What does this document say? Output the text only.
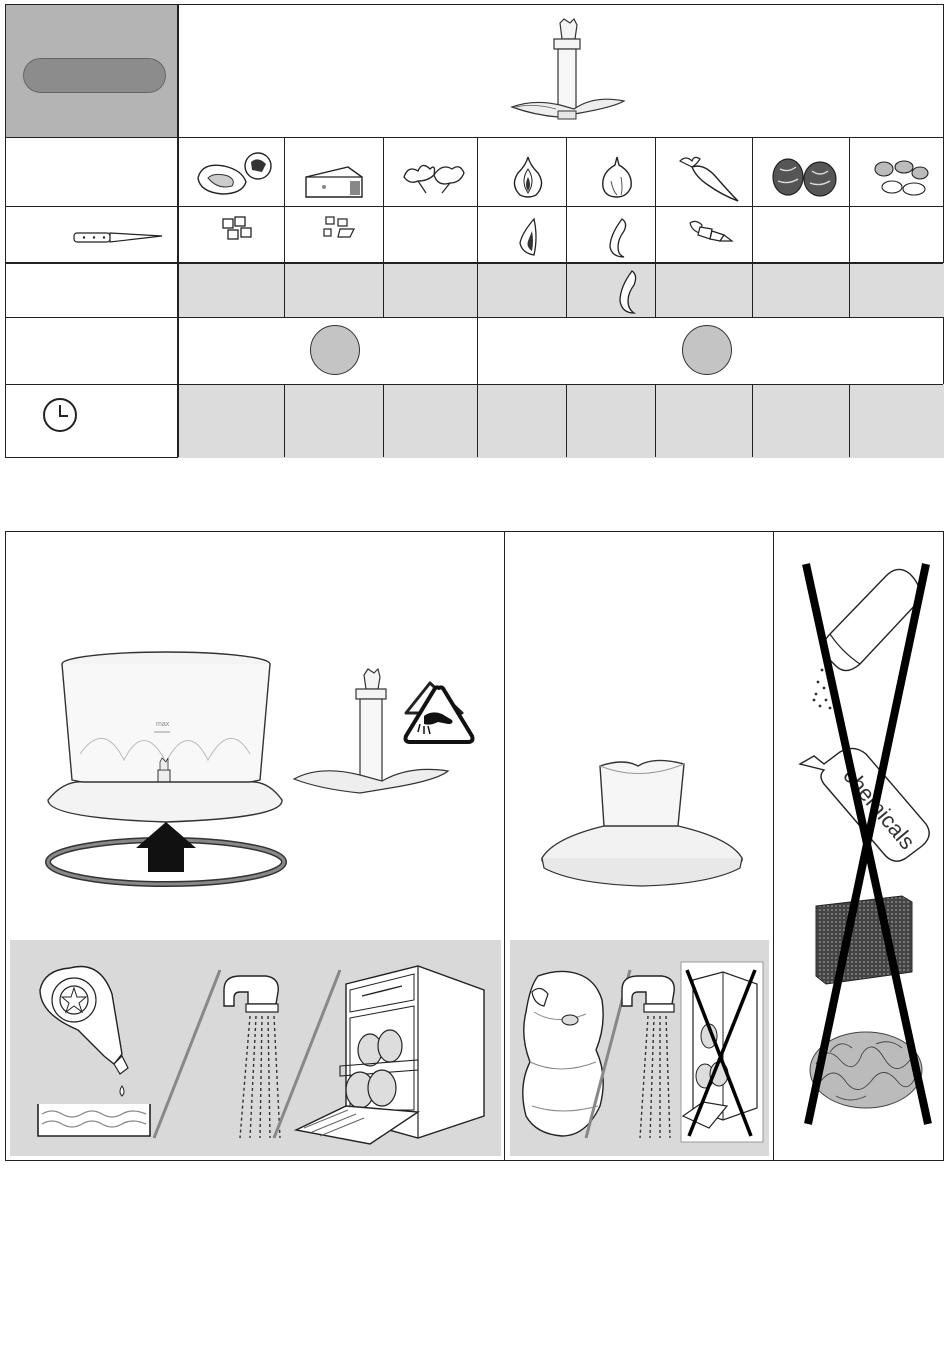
max
chemicals
